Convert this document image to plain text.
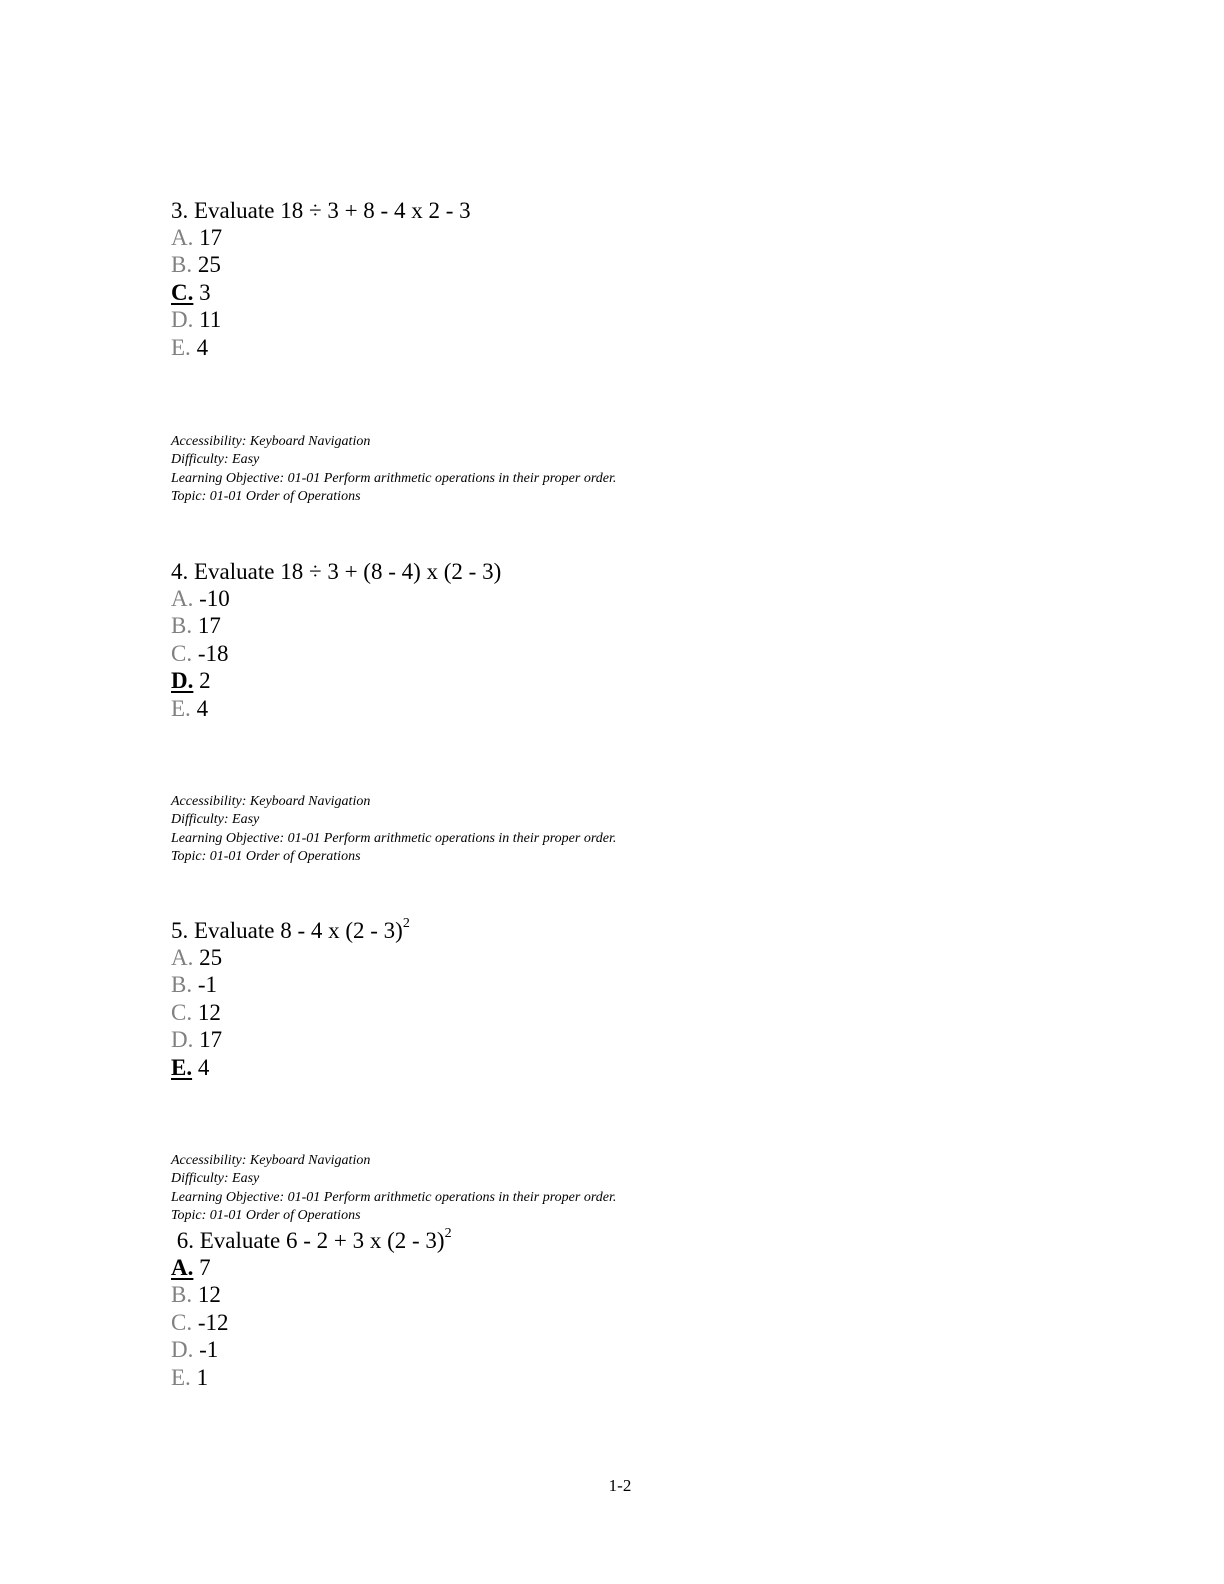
3. Evaluate 18 ÷ 3 + 8 - 4 x 2 - 3
A. 17
B. 25
C. 3
D. 11
E. 4
Accessibility: Keyboard Navigation
Difficulty: Easy
Learning Objective: 01-01 Perform arithmetic operations in their proper order.
Topic: 01-01 Order of Operations
4. Evaluate 18 ÷ 3 + (8 - 4) x (2 - 3)
A. -10
B. 17
C. -18
D. 2
E. 4
Accessibility: Keyboard Navigation
Difficulty: Easy
Learning Objective: 01-01 Perform arithmetic operations in their proper order.
Topic: 01-01 Order of Operations
5. Evaluate 8 - 4 x (2 - 3)$^2$
A. 25
B. -1
C. 12
D. 17
E. 4
Accessibility: Keyboard Navigation
Difficulty: Easy
Learning Objective: 01-01 Perform arithmetic operations in their proper order.
Topic: 01-01 Order of Operations
6. Evaluate 6 - 2 + 3 x (2 - 3)$^2$
A. 7
B. 12
C. -12
D. -1
E. 1
1-2
